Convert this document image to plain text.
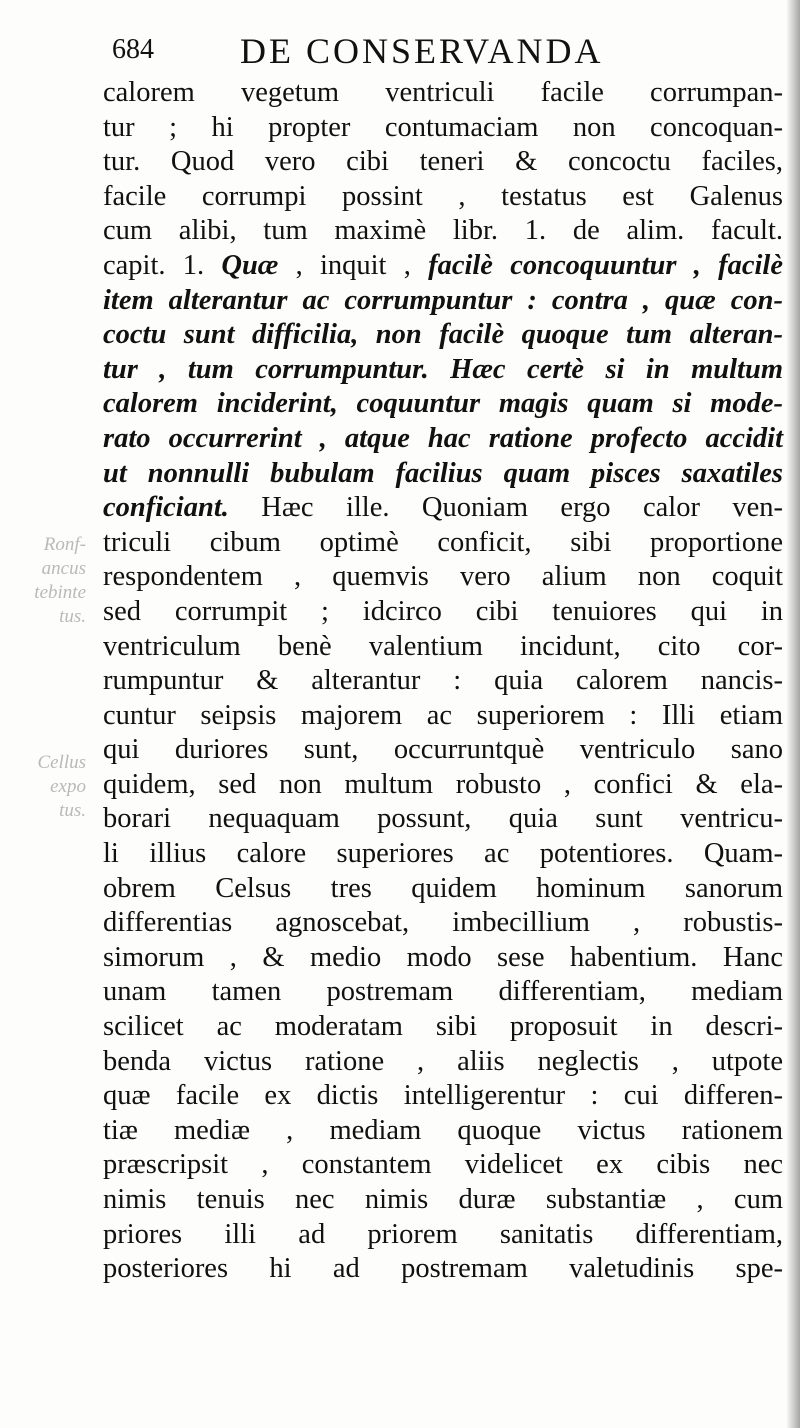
684 DE CONSERVANDA
Ronf-
ancus
tebinte
tus.
Cellus
expo
tus.
calorem vegetum ventriculi facile corrumpan-
tur ; hi propter contumaciam non concoquan-
tur. Quod vero cibi teneri & concoctu faciles,
facile corrumpi possint , testatus est Galenus
cum alibi, tum maximè libr. 1. de alim. facult.
capit. 1. Quæ , inquit , facilè concoquuntur , facilè
item alterantur ac corrumpuntur : contra , quæ con-
coctu sunt difficilia, non facilè quoque tum alteran-
tur , tum corrumpuntur. Hæc certè si in multum
calorem inciderint, coquuntur magis quam si mode-
rato occurrerint , atque hac ratione profecto accidit
ut nonnulli bubulam facilius quam pisces saxatiles
conficiant. Hæc ille. Quoniam ergo calor ven-
triculi cibum optimè conficit, sibi proportione
respondentem , quemvis vero alium non coquit
sed corrumpit ; idcirco cibi tenuiores qui in
ventriculum benè valentium incidunt, cito cor-
rumpuntur & alterantur : quia calorem nancis-
cuntur seipsis majorem ac superiorem : Illi etiam
qui duriores sunt, occurruntquè ventriculo sano
quidem, sed non multum robusto , confici & ela-
borari nequaquam possunt, quia sunt ventricu-
li illius calore superiores ac potentiores. Quam-
obrem Celsus tres quidem hominum sanorum
differentias agnoscebat, imbecillium , robustis-
simorum , & medio modo sese habentium. Hanc
unam tamen postremam differentiam, mediam
scilicet ac moderatam sibi proposuit in descri-
benda victus ratione , aliis neglectis , utpote
quæ facile ex dictis intelligerentur : cui differen-
tiæ mediæ , mediam quoque victus rationem
præscripsit , constantem videlicet ex cibis nec
nimis tenuis nec nimis duræ substantiæ , cum
priores illi ad priorem sanitatis differentiam,
posteriores hi ad postremam valetudinis spe-
